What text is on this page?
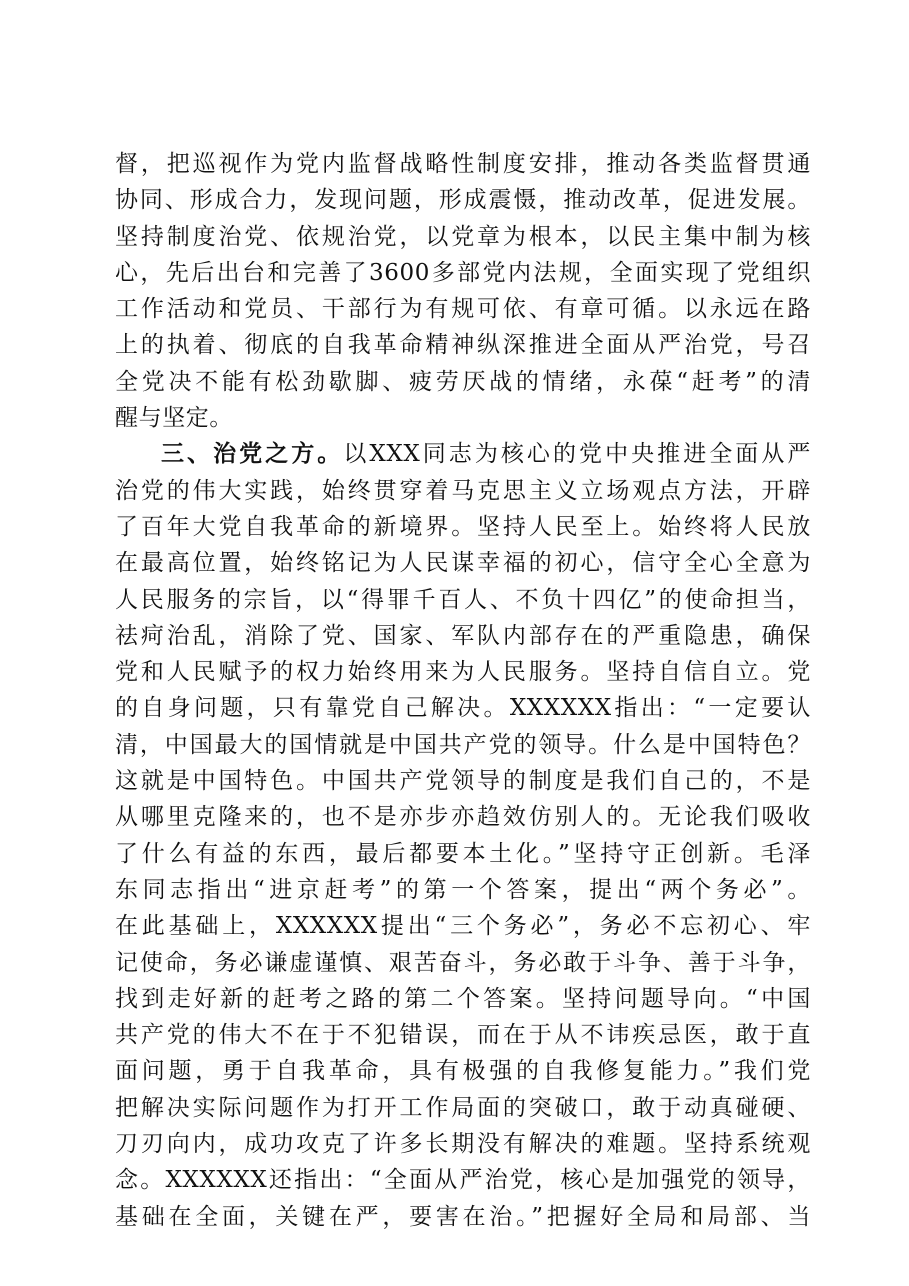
督，把巡视作为党内监督战略性制度安排，推动各类监督贯通
协同、形成合力，发现问题，形成震慑，推动改革，促进发展。
坚持制度治党、依规治党，以党章为根本，以民主集中制为核
心，先后出台和完善了3600多部党内法规，全面实现了党组织
工作活动和党员、干部行为有规可依、有章可循。以永远在路
上的执着、彻底的自我革命精神纵深推进全面从严治党，号召
全党决不能有松劲歇脚、疲劳厌战的情绪，永葆“赶考”的清
醒与坚定。
三、治党之方。以XXX同志为核心的党中央推进全面从严
治党的伟大实践，始终贯穿着马克思主义立场观点方法，开辟
了百年大党自我革命的新境界。坚持人民至上。始终将人民放
在最高位置，始终铭记为人民谋幸福的初心，信守全心全意为
人民服务的宗旨，以“得罪千百人、不负十四亿”的使命担当，
祛疴治乱，消除了党、国家、军队内部存在的严重隐患，确保
党和人民赋予的权力始终用来为人民服务。坚持自信自立。党
的自身问题，只有靠党自己解决。XXXXXX指出：“一定要认
清，中国最大的国情就是中国共产党的领导。什么是中国特色？
这就是中国特色。中国共产党领导的制度是我们自己的，不是
从哪里克隆来的，也不是亦步亦趋效仿别人的。无论我们吸收
了什么有益的东西，最后都要本土化。”坚持守正创新。毛泽
东同志指出“进京赶考”的第一个答案，提出“两个务必”。
在此基础上，XXXXXX提出“三个务必”，务必不忘初心、牢
记使命，务必谦虚谨慎、艰苦奋斗，务必敢于斗争、善于斗争，
找到走好新的赶考之路的第二个答案。坚持问题导向。“中国
共产党的伟大不在于不犯错误，而在于从不讳疾忌医，敢于直
面问题，勇于自我革命，具有极强的自我修复能力。”我们党
把解决实际问题作为打开工作局面的突破口，敢于动真碰硬、
刀刃向内，成功攻克了许多长期没有解决的难题。坚持系统观
念。XXXXXX还指出：“全面从严治党，核心是加强党的领导，
基础在全面，关键在严，要害在治。”把握好全局和局部、当
